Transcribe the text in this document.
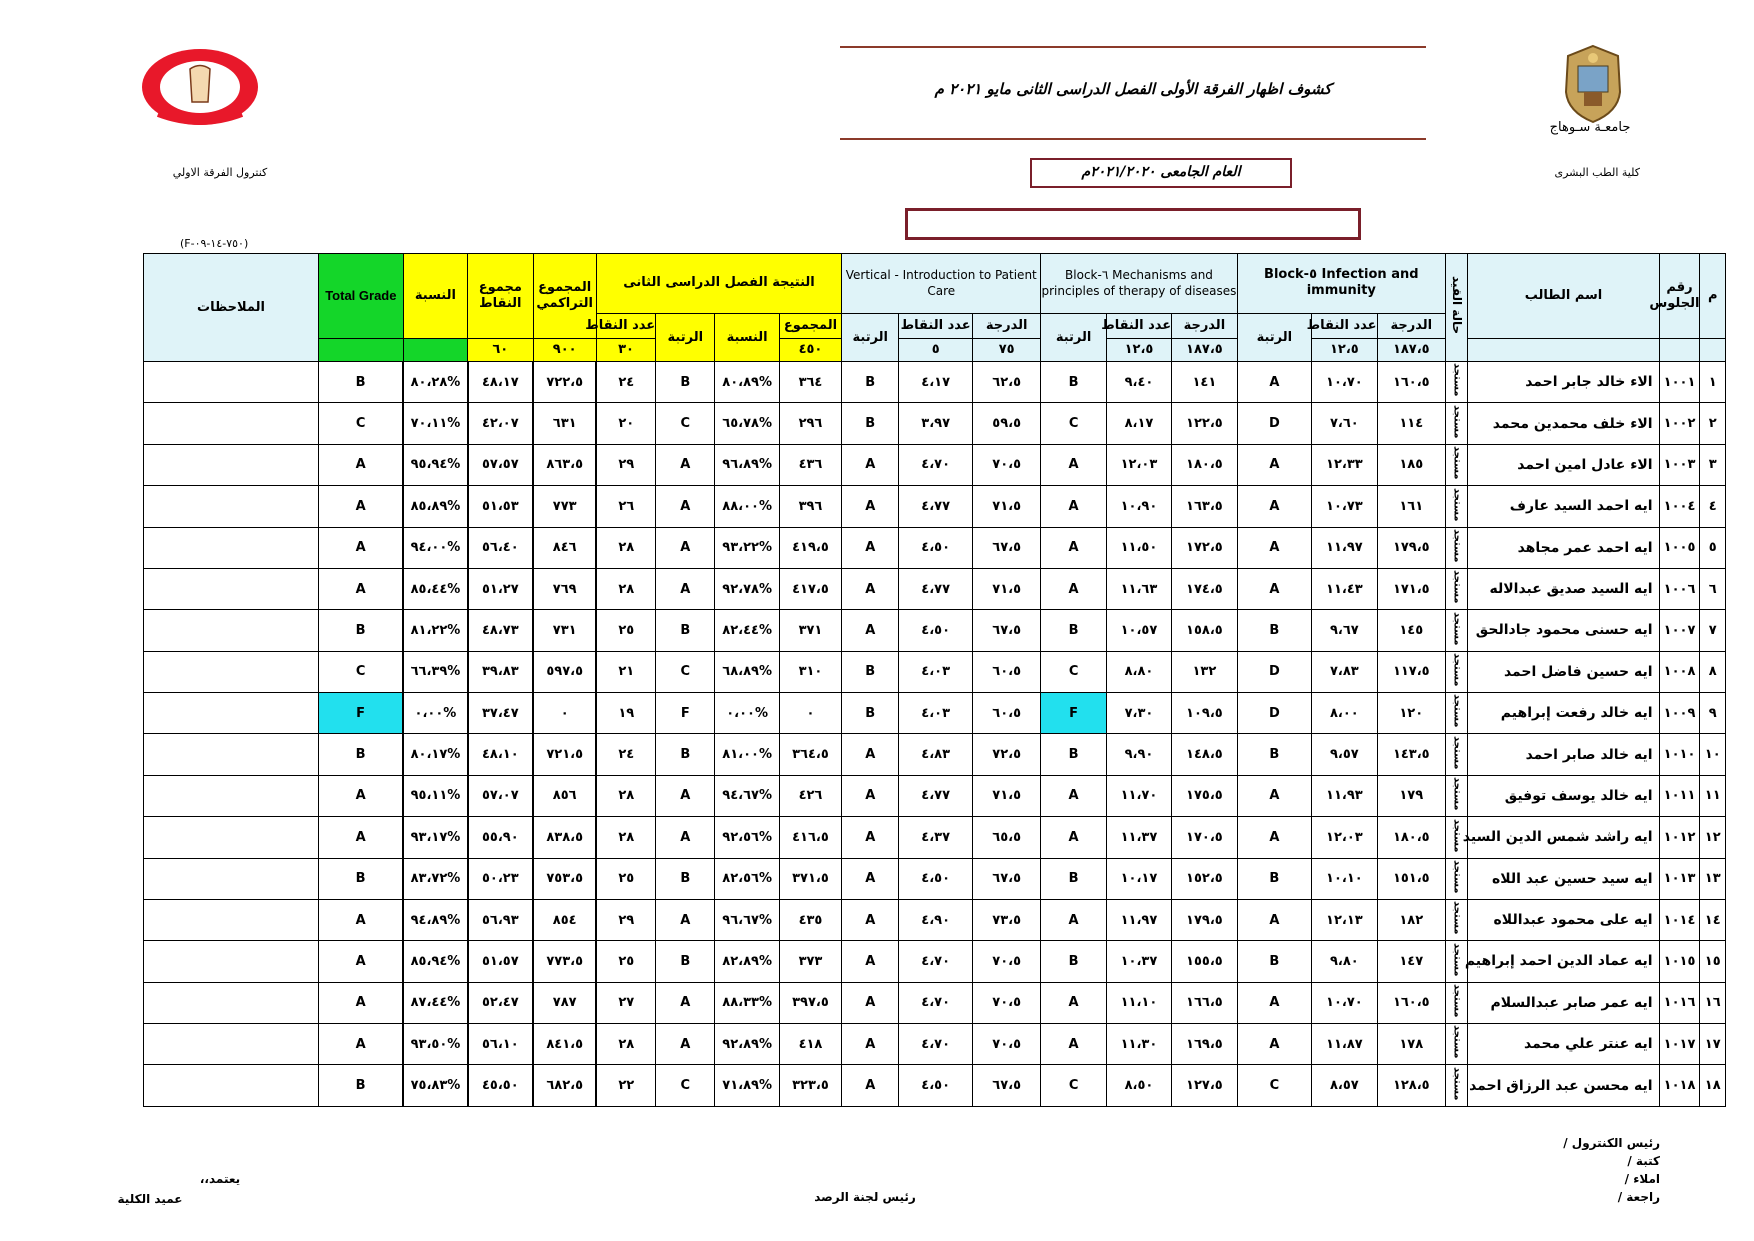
جامعـة سـوهاج
كلية الطب البشرى
كنترول الفرقة الاولي
(F-٧٥٠-١٤-٠٩)
كشوف اظهار الفرقة الأولى الفصل الدراسى الثانى مايو ٢٠٢١ م
العام الجامعى ٢٠٢١/٢٠٢٠م
م	رقم الجلوس	اسم الطالب	حالة القيد	Block-٥ Infection and immunity			Block-٦ Mechanisms and principles of therapy of diseases			Vertical - Introduction to Patient Care			النتيجة الفصل الدراسى الثانى				المجموع التراكمي	مجموع النقاط	النسبة	Total Grade	الملاحظات
				الدرجة	عدد النقاط	الرتبة	الدرجة	عدد النقاط	الرتبة	الدرجة	عدد النقاط	الرتبة	المجموع	النسبة	الرتبة	عدد النقاط					
				١٨٧،٥	١٢،٥		١٨٧،٥	١٢،٥		٧٥	٥		٤٥٠			٣٠	٩٠٠	٦٠			
١	١٠٠١	الاء خالد جابر احمد	مستجد	١٦٠،٥	١٠،٧٠	A	١٤١	٩،٤٠	B	٦٢،٥	٤،١٧	B	٣٦٤	%٨٠،٨٩	B	٢٤	٧٢٢،٥	٤٨،١٧	%٨٠،٢٨	B	
٢	١٠٠٢	الاء خلف محمدين محمد	مستجد	١١٤	٧،٦٠	D	١٢٢،٥	٨،١٧	C	٥٩،٥	٣،٩٧	B	٢٩٦	%٦٥،٧٨	C	٢٠	٦٣١	٤٢،٠٧	%٧٠،١١	C	
٣	١٠٠٣	الاء عادل امين احمد	مستجد	١٨٥	١٢،٣٣	A	١٨٠،٥	١٢،٠٣	A	٧٠،٥	٤،٧٠	A	٤٣٦	%٩٦،٨٩	A	٢٩	٨٦٣،٥	٥٧،٥٧	%٩٥،٩٤	A	
٤	١٠٠٤	ايه احمد السيد عارف	مستجد	١٦١	١٠،٧٣	A	١٦٣،٥	١٠،٩٠	A	٧١،٥	٤،٧٧	A	٣٩٦	%٨٨،٠٠	A	٢٦	٧٧٣	٥١،٥٣	%٨٥،٨٩	A	
٥	١٠٠٥	ايه احمد عمر مجاهد	مستجد	١٧٩،٥	١١،٩٧	A	١٧٢،٥	١١،٥٠	A	٦٧،٥	٤،٥٠	A	٤١٩،٥	%٩٣،٢٢	A	٢٨	٨٤٦	٥٦،٤٠	%٩٤،٠٠	A	
٦	١٠٠٦	ايه السيد صديق عبدالاله	مستجد	١٧١،٥	١١،٤٣	A	١٧٤،٥	١١،٦٣	A	٧١،٥	٤،٧٧	A	٤١٧،٥	%٩٢،٧٨	A	٢٨	٧٦٩	٥١،٢٧	%٨٥،٤٤	A	
٧	١٠٠٧	ايه حسنى محمود جادالحق	مستجد	١٤٥	٩،٦٧	B	١٥٨،٥	١٠،٥٧	B	٦٧،٥	٤،٥٠	A	٣٧١	%٨٢،٤٤	B	٢٥	٧٣١	٤٨،٧٣	%٨١،٢٢	B	
٨	١٠٠٨	ايه حسين فاضل احمد	مستجد	١١٧،٥	٧،٨٣	D	١٣٢	٨،٨٠	C	٦٠،٥	٤،٠٣	B	٣١٠	%٦٨،٨٩	C	٢١	٥٩٧،٥	٣٩،٨٣	%٦٦،٣٩	C	
٩	١٠٠٩	ايه خالد رفعت إبراهيم	مستجد	١٢٠	٨،٠٠	D	١٠٩،٥	٧،٣٠	F	٦٠،٥	٤،٠٣	B	٠	%٠،٠٠	F	١٩	٠	٣٧،٤٧	%٠،٠٠	F	
١٠	١٠١٠	ايه خالد صابر احمد	مستجد	١٤٣،٥	٩،٥٧	B	١٤٨،٥	٩،٩٠	B	٧٢،٥	٤،٨٣	A	٣٦٤،٥	%٨١،٠٠	B	٢٤	٧٢١،٥	٤٨،١٠	%٨٠،١٧	B	
١١	١٠١١	ايه خالد يوسف توفيق	مستجد	١٧٩	١١،٩٣	A	١٧٥،٥	١١،٧٠	A	٧١،٥	٤،٧٧	A	٤٢٦	%٩٤،٦٧	A	٢٨	٨٥٦	٥٧،٠٧	%٩٥،١١	A	
١٢	١٠١٢	ايه راشد شمس الدين السيد	مستجد	١٨٠،٥	١٢،٠٣	A	١٧٠،٥	١١،٣٧	A	٦٥،٥	٤،٣٧	A	٤١٦،٥	%٩٢،٥٦	A	٢٨	٨٣٨،٥	٥٥،٩٠	%٩٣،١٧	A	
١٣	١٠١٣	ايه سيد حسين عبد اللاه	مستجد	١٥١،٥	١٠،١٠	B	١٥٢،٥	١٠،١٧	B	٦٧،٥	٤،٥٠	A	٣٧١،٥	%٨٢،٥٦	B	٢٥	٧٥٣،٥	٥٠،٢٣	%٨٣،٧٢	B	
١٤	١٠١٤	ايه على محمود عبداللاه	مستجد	١٨٢	١٢،١٣	A	١٧٩،٥	١١،٩٧	A	٧٣،٥	٤،٩٠	A	٤٣٥	%٩٦،٦٧	A	٢٩	٨٥٤	٥٦،٩٣	%٩٤،٨٩	A	
١٥	١٠١٥	ايه عماد الدين احمد إبراهيم	مستجد	١٤٧	٩،٨٠	B	١٥٥،٥	١٠،٣٧	B	٧٠،٥	٤،٧٠	A	٣٧٣	%٨٢،٨٩	B	٢٥	٧٧٣،٥	٥١،٥٧	%٨٥،٩٤	A	
١٦	١٠١٦	ايه عمر صابر عبدالسلام	مستجد	١٦٠،٥	١٠،٧٠	A	١٦٦،٥	١١،١٠	A	٧٠،٥	٤،٧٠	A	٣٩٧،٥	%٨٨،٣٣	A	٢٧	٧٨٧	٥٢،٤٧	%٨٧،٤٤	A	
١٧	١٠١٧	ايه عنتر علي محمد	مستجد	١٧٨	١١،٨٧	A	١٦٩،٥	١١،٣٠	A	٧٠،٥	٤،٧٠	A	٤١٨	%٩٢،٨٩	A	٢٨	٨٤١،٥	٥٦،١٠	%٩٣،٥٠	A	
١٨	١٠١٨	ايه محسن عبد الرزاق احمد	مستجد	١٢٨،٥	٨،٥٧	C	١٢٧،٥	٨،٥٠	C	٦٧،٥	٤،٥٠	A	٣٢٣،٥	%٧١،٨٩	C	٢٢	٦٨٢،٥	٤٥،٥٠	%٧٥،٨٣	B	
رئيس الكنترول /
كتبة /
املاء /
راجعة /
رئيس لجنة الرصد
يعتمد،،
عميد الكلية
